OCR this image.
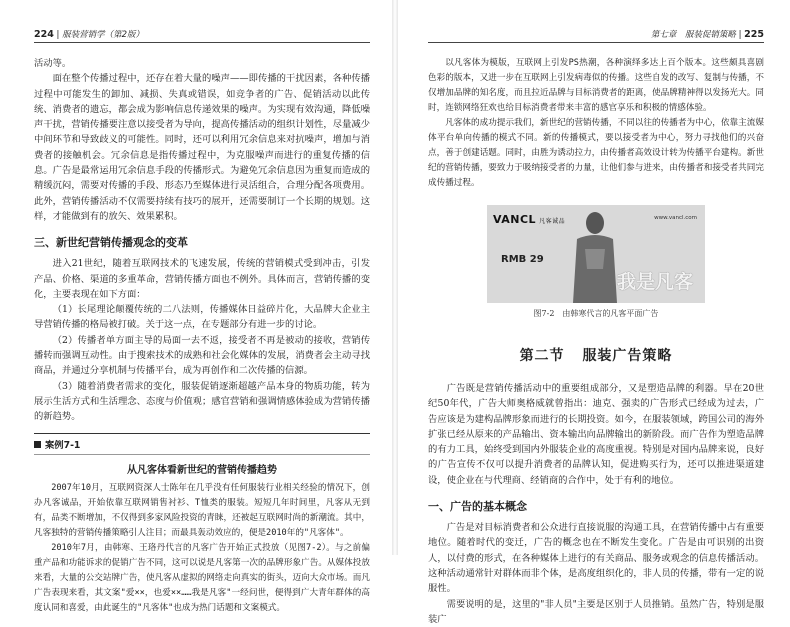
224 | 服装营销学（第2版）

活动等。

面在整个传播过程中，还存在着大量的噪声——即传播的干扰因素，各种传播过程中可能发生的卸加、减损、失真或错误，如竞争者的广告、促销活动以此传统、消费者的遗忘，都会成为影响信息传递效果的噪声。为实现有效沟通，降低噪声干扰，营销传播要注意以接受者为导向，提高传播活动的组织计划性，尽量减少中间环节和导致歧义的可能性。同时，还可以利用冗余信息来对抗噪声，增加与消费者的接触机会。冗余信息是指传播过程中，为克服噪声而进行的重复传播的信息。广告是最常运用冗余信息手段的传播形式。为避免冗余信息因为重复而造成的精缓沉闷，需要对传播的手段、形态乃至媒体进行灵活组合，合理分配各项费用。此外，营销传播活动不仅需要持续有技巧的展开，还需要制订一个长期的规划。这样，才能做到有的放矢、效果累积。

三、新世纪营销传播观念的变革

进入21世纪，随着互联网技术的飞速发展，传统的营销模式受到冲击，引发产品、价格、渠道的多重革命，营销传播方面也不例外。具体而言，营销传播的变化，主要表现在如下方面：

（1）长尾理论颠覆传统的二八法则，传播媒体日益碎片化，大品牌大企业主导营销传播的格局被打破。关于这一点，在专题部分有进一步的讨论。

（2）传播者单方面主导的局面一去不返，接受者不再是被动的接收，营销传播转而强调互动性。由于搜索技术的成熟和社会化媒体的发展，消费者会主动寻找商品，并通过分享机制与传播平台，成为再创作和二次传播的信源。

（3）随着消费者需求的变化，服装促销逐渐超越产品本身的物质功能，转为展示生活方式和生活理念、态度与价值观；感官营销和强调情感体验成为营销传播的新趋势。

案例7-1
从凡客体看新世纪的营销传播趋势

2007年10月，互联网资深人士陈年在几乎没有任何服装行业相关经验的情况下，创办凡客诚品，开始依靠互联网销售衬衫、T恤类的服装。短短几年时间里，凡客从无到有，品类不断增加，不仅得到多家风险投资的青睐，还被起互联网时尚的新潮流。其中，凡客独特的营销传播策略引人注目；而最具轰动效应的，便是2010年的"凡客体"。

2010年7月，由韩寒、王珞丹代言的凡客广告开始正式投放（见图7-2）。与之前偏重产品和功能诉求的促销广告不同，这可以说是凡客第一次的品牌形象广告。从媒体投放来看，大量的公交站牌广告，使凡客从虚拟的网络走向真实的街头，迈向大众市场。而凡广告表现来看，其文案"爱××，也爱××……我是凡客"一经问世，便得到广大青年群体的高度认同和喜爱，由此诞生的"凡客体"也成为热门话题和文案模式。

第七章　服装促销策略 | 225

以凡客体为模版，互联网上引发PS热潮，各种演绎多达上百个版本。这些颇具喜剧色彩的版本，又进一步在互联网上引发病毒似的传播。这些自发的改写、复制与传播，不仅增加品牌的知名度，而且拉近品牌与目标消费者的距离，使品牌精神得以发扬光大。同时，连锁网络狂欢也给目标消费者带来丰富的感官享乐和积极的情感体验。

凡客体的成功提示我们，新世纪的营销传播，不同以往的传播者为中心，依靠主流媒体平台单向传播的模式不同。新的传播模式，要以接受者为中心，努力寻找他们的兴奋点，善于创建话题。同时，由胜为诱动拉力，由传播者高效设计转为传播平台建构。新世纪的营销传播，要致力于吸纳接受者的力量，让他们参与进来，由传播者和接受者共同完成传播过程。

VANCL 凡客诚品	www.vancl.com
RMB 29
我是凡客
图7-2　由韩寒代言的凡客平面广告
第二节 服装广告策略

广告既是营销传播活动中的重要组成部分，又是塑造品牌的利器。早在20世纪50年代，广告大师奥格威就曾指出：迪克、强卖的广告形式已经成为过去，广告应该是为建构品牌形象而进行的长期投资。如今，在服装领域，跨国公司的海外扩张已经从原来的产品输出、资本输出向品牌输出的新阶段。而广告作为塑造品牌的有力工具，始终受到国内外服装企业的高度重视。特别是对国内品牌来说，良好的广告宣传不仅可以提升消费者的品牌认知，促进购买行为，还可以推进渠道建设，使企业在与代理商、经销商的合作中，处于有利的地位。

一、广告的基本概念

广告是对目标消费者和公众进行直接说服的沟通工具，在营销传播中占有重要地位。随着时代的变迁，广告的概念也在不断发生变化。广告是由可识别的出资人，以付费的形式，在各种媒体上进行的有关商品、服务或观念的信息传播活动。这种活动通常针对群体而非个体，是高度组织化的，非人员的传播，带有一定的说服性。

需要说明的是，这里的"非人员"主要是区别于人员推销。虽然广告，特别是服装广
